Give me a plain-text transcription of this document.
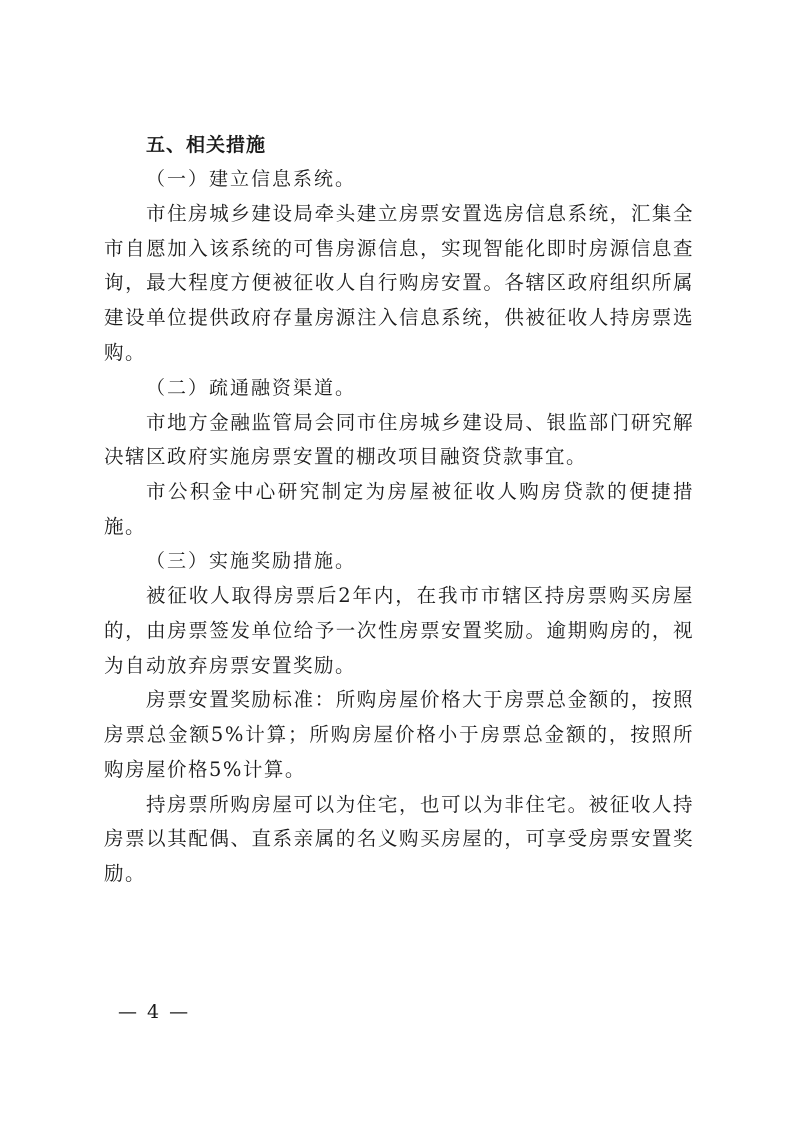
五、相关措施
（一）建立信息系统。

市住房城乡建设局牵头建立房票安置选房信息系统，汇集全市自愿加入该系统的可售房源信息，实现智能化即时房源信息查询，最大程度方便被征收人自行购房安置。各辖区政府组织所属建设单位提供政府存量房源注入信息系统，供被征收人持房票选购。

（二）疏通融资渠道。

市地方金融监管局会同市住房城乡建设局、银监部门研究解决辖区政府实施房票安置的棚改项目融资贷款事宜。

市公积金中心研究制定为房屋被征收人购房贷款的便捷措施。

（三）实施奖励措施。

被征收人取得房票后2年内，在我市市辖区持房票购买房屋的，由房票签发单位给予一次性房票安置奖励。逾期购房的，视为自动放弃房票安置奖励。

房票安置奖励标准：所购房屋价格大于房票总金额的，按照房票总金额5%计算；所购房屋价格小于房票总金额的，按照所购房屋价格5%计算。

持房票所购房屋可以为住宅，也可以为非住宅。被征收人持房票以其配偶、直系亲属的名义购买房屋的，可享受房票安置奖励。

— 4 —
